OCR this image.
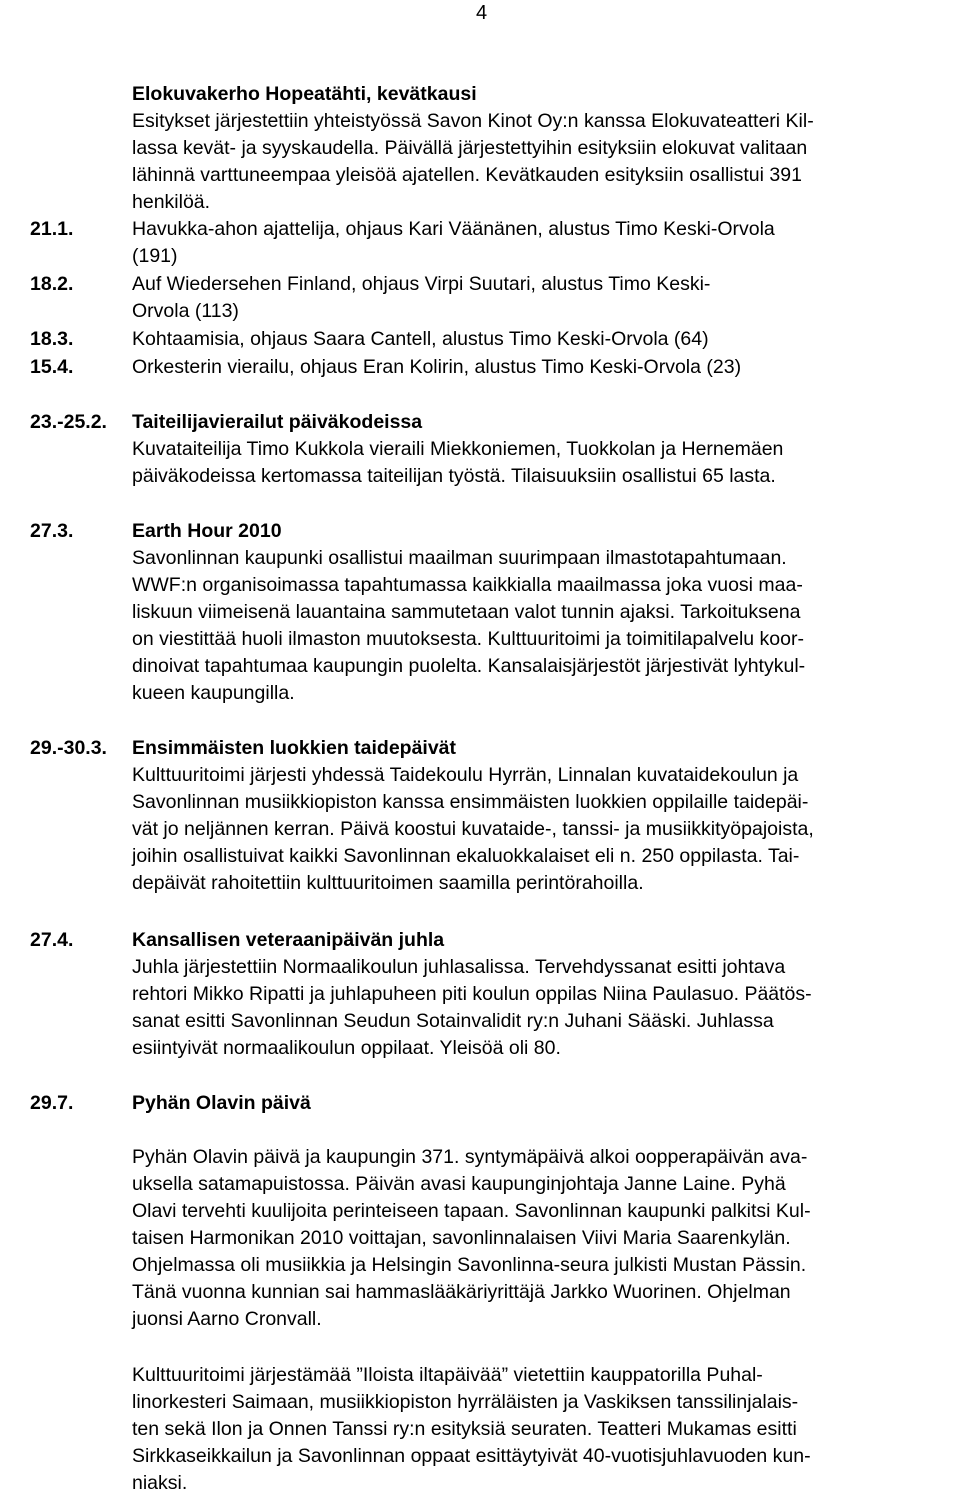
4
Elokuvakerho Hopeatähti, kevätkausi
Esitykset järjestettiin yhteistyössä Savon Kinot Oy:n kanssa Elokuvateatteri Kil-
lassa kevät- ja syyskaudella. Päivällä järjestettyihin esityksiin elokuvat valitaan
lähinnä varttuneempaa yleisöä ajatellen. Kevätkauden esityksiin osallistui 391
henkilöä.
21.1.	Havukka-ahon ajattelija, ohjaus Kari Väänänen, alustus Timo Keski-Orvola
(191)
18.2.	Auf Wiedersehen Finland, ohjaus Virpi Suutari, alustus Timo Keski-
Orvola (113)
18.3.	Kohtaamisia, ohjaus Saara Cantell, alustus Timo Keski-Orvola (64)
15.4.	Orkesterin vierailu, ohjaus Eran Kolirin, alustus Timo Keski-Orvola (23)
23.-25.2. Taiteilijavierailut päiväkodeissa
Kuvataiteilija Timo Kukkola vieraili Miekkoniemen, Tuokkolan ja Hernemäen
päiväkodeissa kertomassa taiteilijan työstä. Tilaisuuksiin osallistui 65 lasta.
27.3.	Earth Hour 2010
Savonlinnan kaupunki osallistui maailman suurimpaan ilmastotapahtumaan.
WWF:n organisoimassa tapahtumassa kaikkialla maailmassa joka vuosi maa-
liskuun viimeisenä lauantaina sammutetaan valot tunnin ajaksi. Tarkoituksena
on viestittää huoli ilmaston muutoksesta. Kulttuuritoimi ja toimitilapalvelu koor-
dinoivat tapahtumaa kaupungin puolelta. Kansalaisjärjestöt järjestivät lyhtykul-
kueen kaupungilla.
29.-30.3. Ensimmäisten luokkien taidepäivät
Kulttuuritoimi järjesti yhdessä Taidekoulu Hyrrän, Linnalan kuvataidekoulun ja
Savonlinnan musiikkiopiston kanssa ensimmäisten luokkien oppilaille taidepäi-
vät jo neljännen kerran. Päivä koostui kuvataide-, tanssi- ja musiikkityöpajoista,
joihin osallistuivat kaikki Savonlinnan ekaluokkalaiset eli n. 250 oppilasta. Tai-
depäivät rahoitettiin kulttuuritoimen saamilla perintörahoilla.
27.4.	Kansallisen veteraanipäivän juhla
Juhla järjestettiin Normaalikoulun juhlasalissa. Tervehdyssanat esitti johtava
rehtori Mikko Ripatti ja juhlapuheen piti koulun oppilas Niina Paulasuo. Päätös-
sanat esitti Savonlinnan Seudun Sotainvalidit ry:n Juhani Sääski. Juhlassa
esiintyivät normaalikoulun oppilaat. Yleisöä oli 80.
29.7.	Pyhän Olavin päivä
Pyhän Olavin päivä ja kaupungin 371. syntymäpäivä alkoi oopperapäivän ava-
uksella satamapuistossa. Päivän avasi kaupunginjohtaja Janne Laine. Pyhä
Olavi tervehti kuulijoita perinteiseen tapaan. Savonlinnan kaupunki palkitsi Kul-
taisen Harmonikan 2010 voittajan, savonlinnalaisen Viivi Maria Saarenkylän.
Ohjelmassa oli musiikkia ja Helsingin Savonlinna-seura julkisti Mustan Pässin.
Tänä vuonna kunnian sai hammaslääkäriyrittäjä Jarkko Wuorinen. Ohjelman
juonsi Aarno Cronvall.
Kulttuuritoimi järjestämää ”Iloista iltapäivää” vietettiin kauppatorilla Puhal-
linorkesteri Saimaan, musiikkiopiston hyrräläisten ja Vaskiksen tanssilinjalais-
ten sekä Ilon ja Onnen Tanssi ry:n esityksiä seuraten. Teatteri Mukamas esitti
Sirkkaseikkailun ja Savonlinnan oppaat esittäytyivät 40-vuotisjuhlavuoden kun-
niaksi.
